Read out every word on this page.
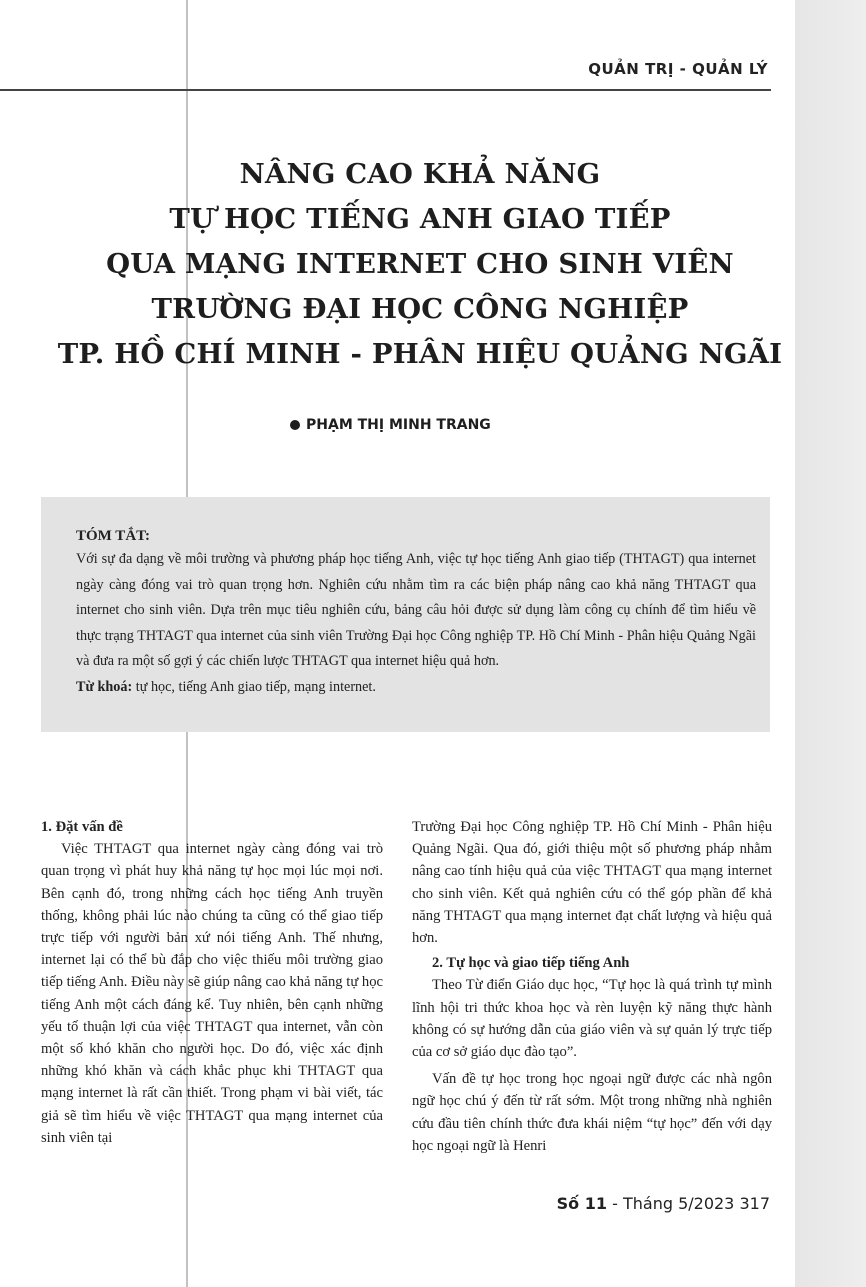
QUẢN TRỊ - QUẢN LÝ
NÂNG CAO KHẢ NĂNG
TỰ HỌC TIẾNG ANH GIAO TIẾP
QUA MẠNG INTERNET CHO SINH VIÊN
TRƯỜNG ĐẠI HỌC CÔNG NGHIỆP
TP. HỒ CHÍ MINH - PHÂN HIỆU QUẢNG NGÃI
PHẠM THỊ MINH TRANG

TÓM TẮT:

Với sự đa dạng về môi trường và phương pháp học tiếng Anh, việc tự học tiếng Anh giao tiếp (THTAGT) qua internet ngày càng đóng vai trò quan trọng hơn. Nghiên cứu nhằm tìm ra các biện pháp nâng cao khả năng THTAGT qua internet cho sinh viên. Dựa trên mục tiêu nghiên cứu, bảng câu hỏi được sử dụng làm công cụ chính để tìm hiểu về thực trạng THTAGT qua internet của sinh viên Trường Đại học Công nghiệp TP. Hồ Chí Minh - Phân hiệu Quảng Ngãi và đưa ra một số gợi ý các chiến lược THTAGT qua internet hiệu quả hơn.

Từ khoá: tự học, tiếng Anh giao tiếp, mạng internet.

1. Đặt vấn đề

Việc THTAGT qua internet ngày càng đóng vai trò quan trọng vì phát huy khả năng tự học mọi lúc mọi nơi. Bên cạnh đó, trong những cách học tiếng Anh truyền thống, không phải lúc nào chúng ta cũng có thể giao tiếp trực tiếp với người bản xứ nói tiếng Anh. Thế nhưng, internet lại có thể bù đắp cho việc thiếu môi trường giao tiếp tiếng Anh. Điều này sẽ giúp nâng cao khả năng tự học tiếng Anh một cách đáng kể. Tuy nhiên, bên cạnh những yếu tố thuận lợi của việc THTAGT qua internet, vẫn còn một số khó khăn cho người học. Do đó, việc xác định những khó khăn và cách khắc phục khi THTAGT qua mạng internet là rất cần thiết. Trong phạm vi bài viết, tác giả sẽ tìm hiểu về việc THTAGT qua mạng internet của sinh viên tại

Trường Đại học Công nghiệp TP. Hồ Chí Minh - Phân hiệu Quảng Ngãi. Qua đó, giới thiệu một số phương pháp nhằm nâng cao tính hiệu quả của việc THTAGT qua mạng internet cho sinh viên. Kết quả nghiên cứu có thể góp phần để khả năng THTAGT qua mạng internet đạt chất lượng và hiệu quả hơn.

2. Tự học và giao tiếp tiếng Anh

Theo Từ điển Giáo dục học, “Tự học là quá trình tự mình lĩnh hội tri thức khoa học và rèn luyện kỹ năng thực hành không có sự hướng dẫn của giáo viên và sự quản lý trực tiếp của cơ sở giáo dục đào tạo”.

Vấn đề tự học trong học ngoại ngữ được các nhà ngôn ngữ học chú ý đến từ rất sớm. Một trong những nhà nghiên cứu đầu tiên chính thức đưa khái niệm “tự học” đến với dạy học ngoại ngữ là Henri

Số 11 - Tháng 5/2023 317
